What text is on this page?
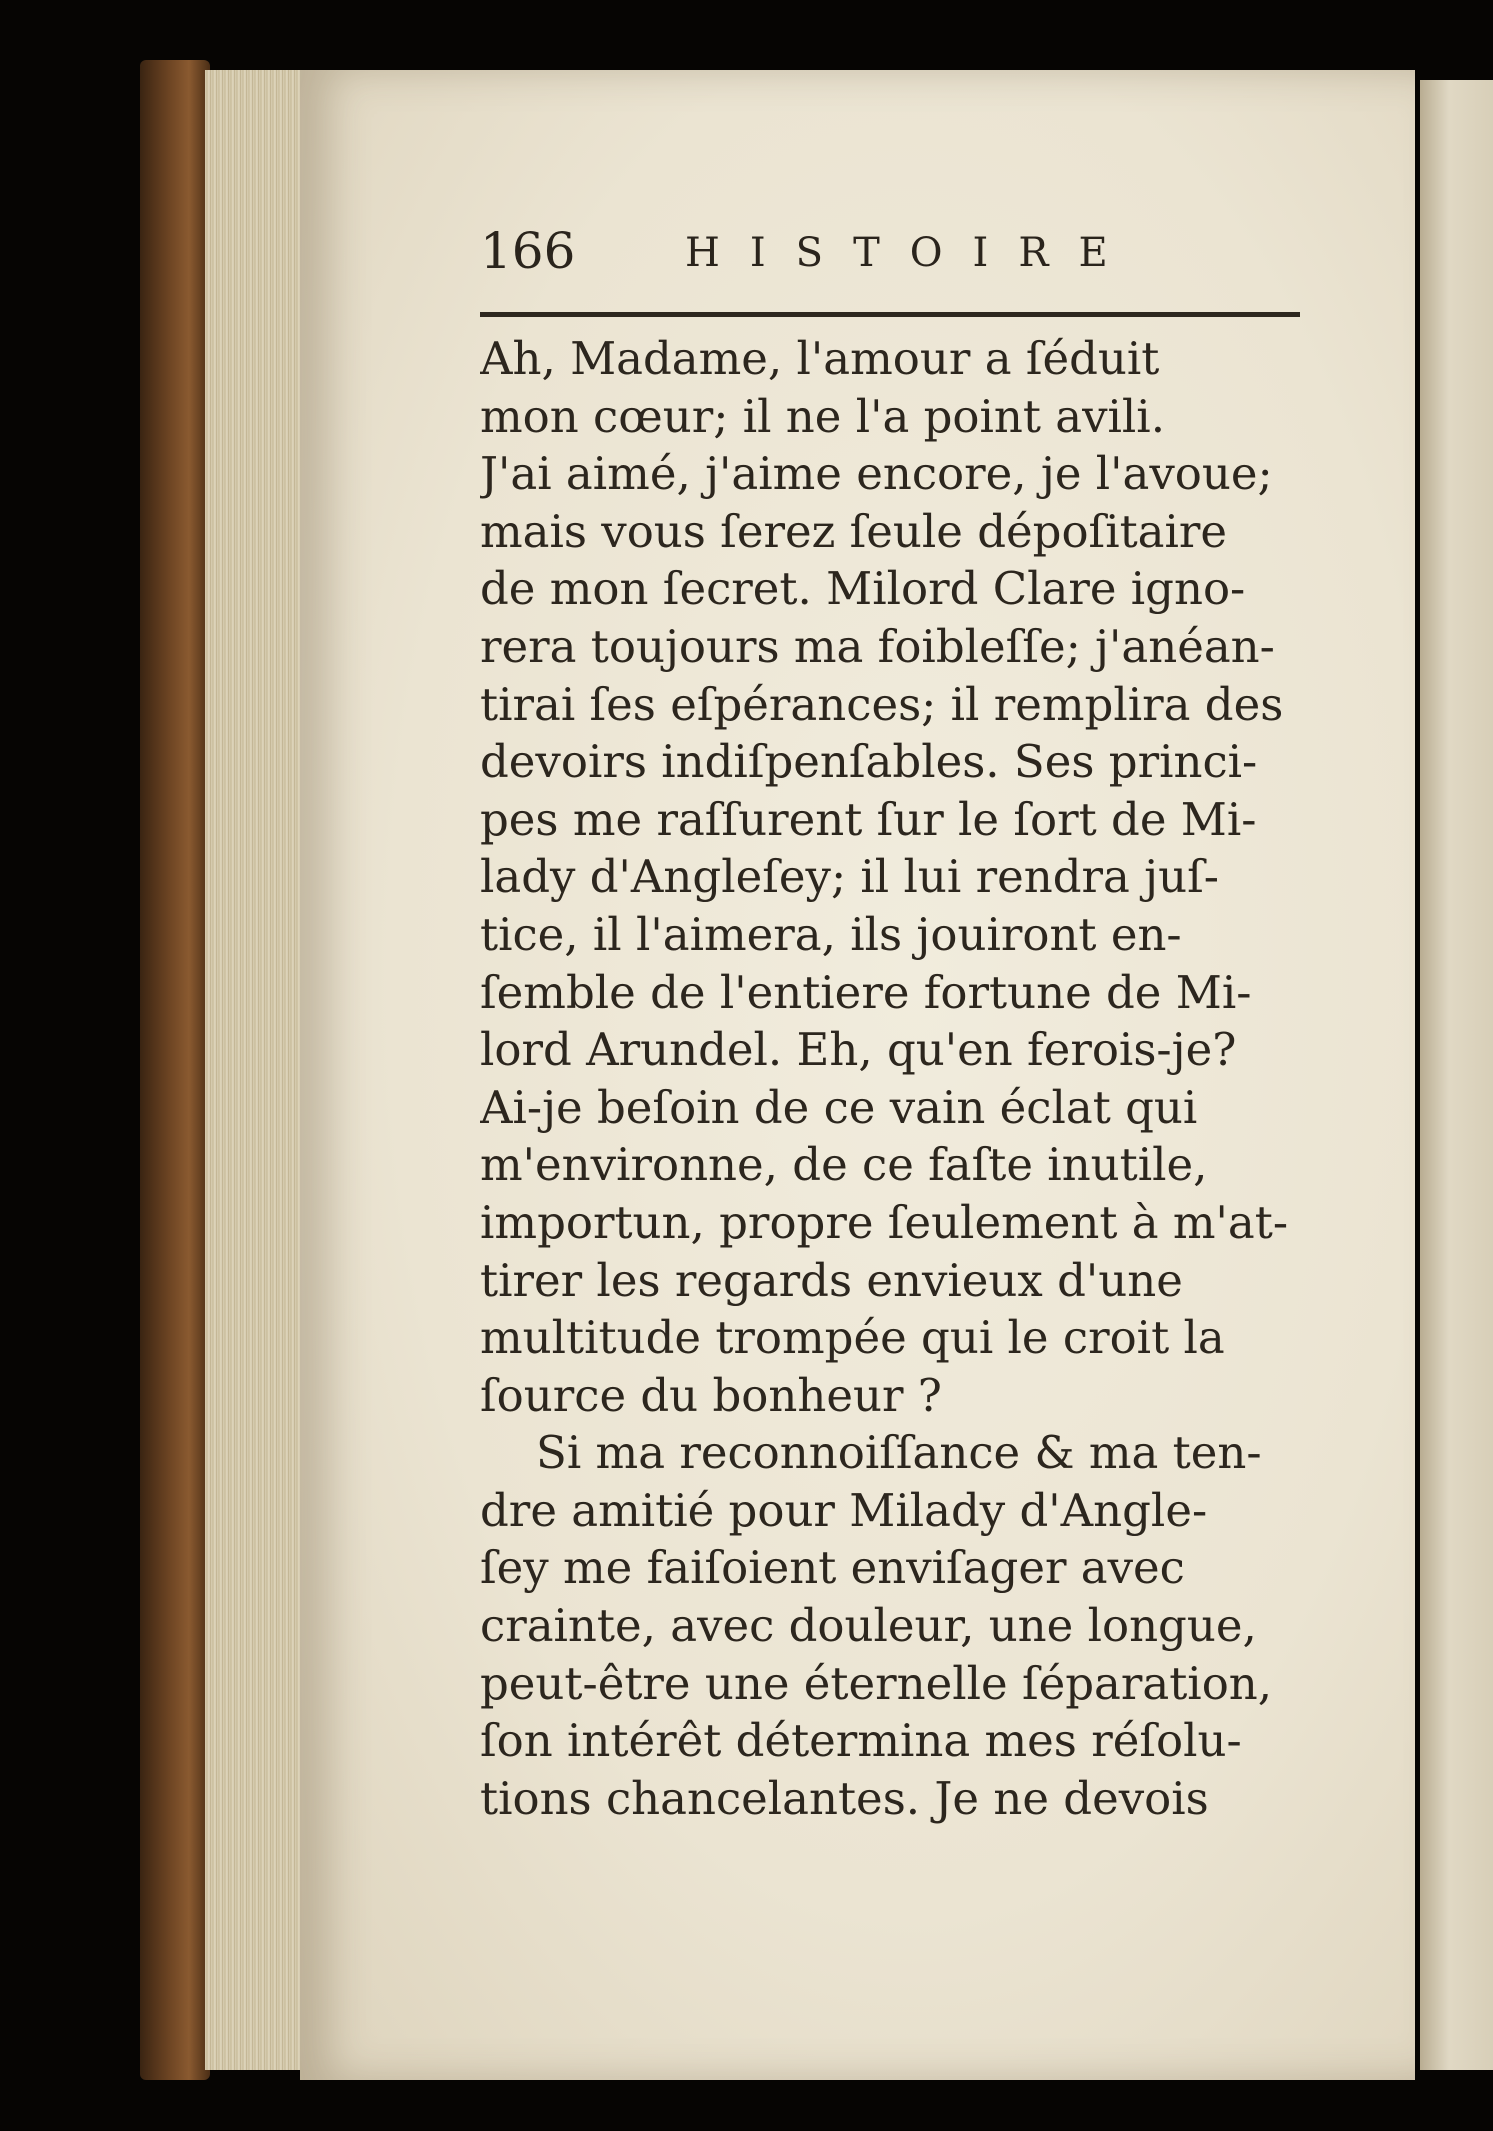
166	HISTOIRE
Ah, Madame, l'amour a ſéduit
mon cœur; il ne l'a point avili.
J'ai aimé, j'aime encore, je l'avoue;
mais vous ſerez ſeule dépoſitaire
de mon ſecret. Milord Clare igno-
rera toujours ma foibleſſe; j'anéan-
tirai ſes eſpérances; il remplira des
devoirs indiſpenſables. Ses princi-
pes me raſſurent ſur le ſort de Mi-
lady d'Angleſey; il lui rendra juſ-
tice, il l'aimera, ils jouiront en-
ſemble de l'entiere fortune de Mi-
lord Arundel. Eh, qu'en ferois-je?
Ai-je beſoin de ce vain éclat qui
m'environne, de ce faſte inutile,
importun, propre ſeulement à m'at-
tirer les regards envieux d'une
multitude trompée qui le croit la
ſource du bonheur ?
Si ma reconnoiſſance & ma ten-
dre amitié pour Milady d'Angle-
ſey me faiſoient enviſager avec
crainte, avec douleur, une longue,
peut-être une éternelle ſéparation,
ſon intérêt détermina mes réſolu-
tions chancelantes. Je ne devois
